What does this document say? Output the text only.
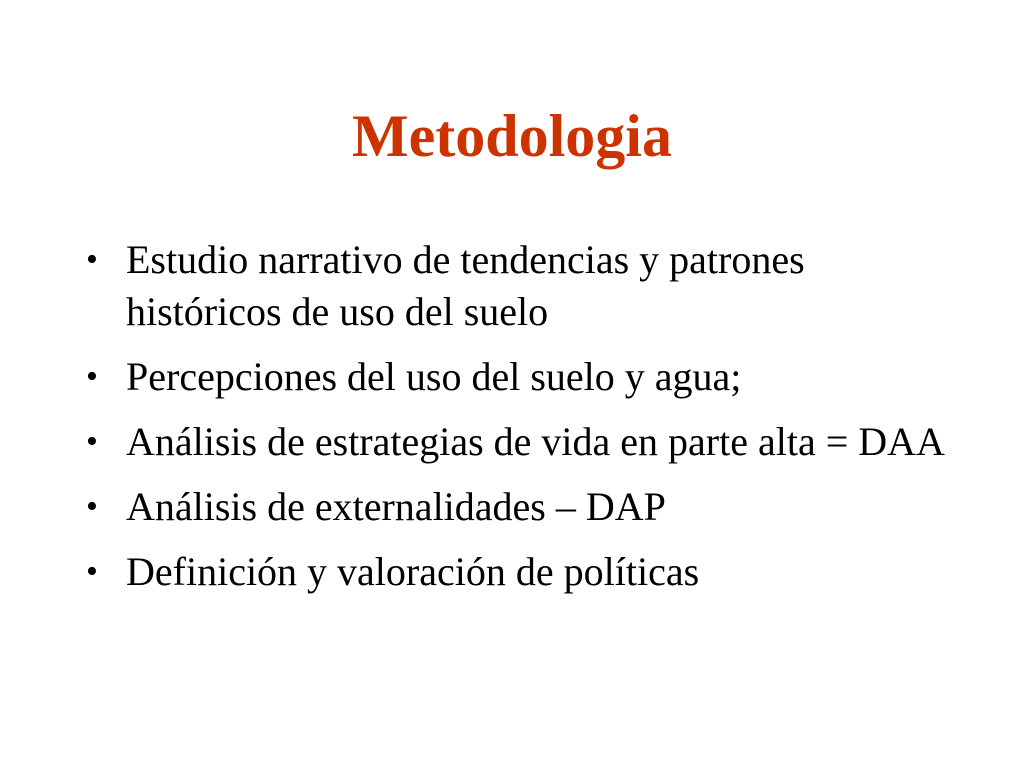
Metodologia
• Estudio narrativo de tendencias y patrones históricos de uso del suelo
• Percepciones del uso del suelo y agua;
• Análisis de estrategias de vida en parte alta = DAA
• Análisis de externalidades – DAP
• Definición y valoración de políticas
